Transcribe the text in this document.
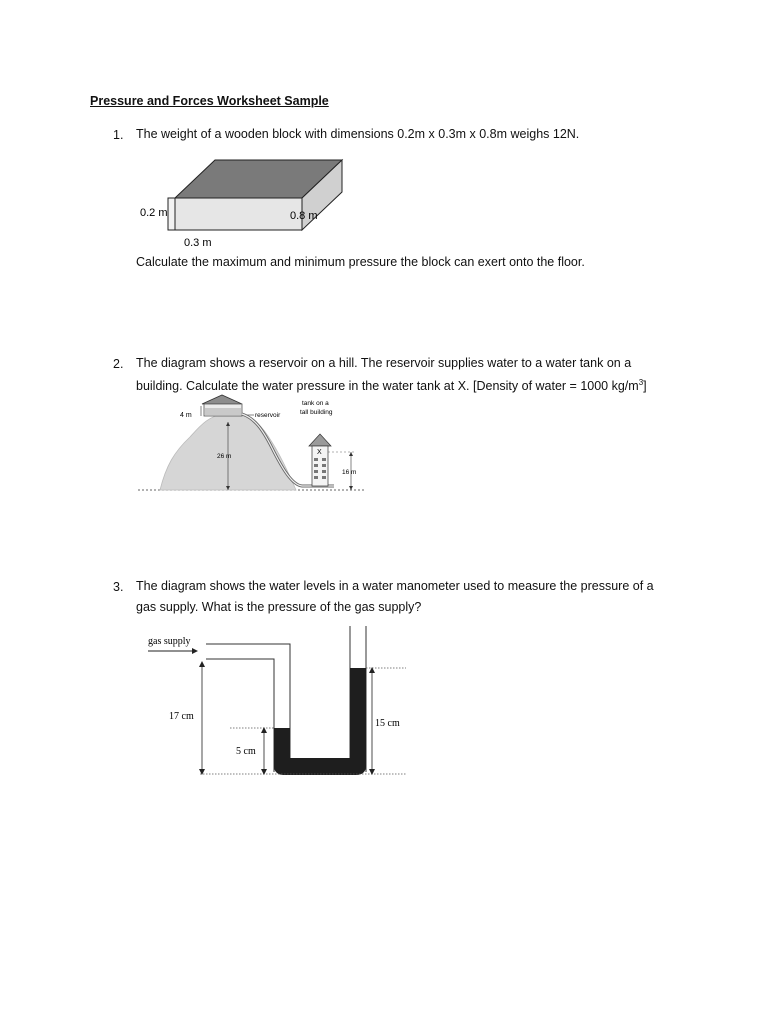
Pressure and Forces Worksheet Sample
1. The weight of a wooden block with dimensions 0.2m x 0.3m x 0.8m weighs 12N.
0.2 m	0.8 m
0.3 m
Calculate the maximum and minimum pressure the block can exert onto the floor.
2. The diagram shows a reservoir on a hill. The reservoir supplies water to a water tank on a
building. Calculate the water pressure in the water tank at X. [Density of water = 1000 $kg/m^3$]
4 m	reservoir
tank on a
tall building
X
26 m
16 m
3. The diagram shows the water levels in a water manometer used to measure the pressure of a
gas supply. What is the pressure of the gas supply?
gas supply
17 cm
5 cm
15 cm
